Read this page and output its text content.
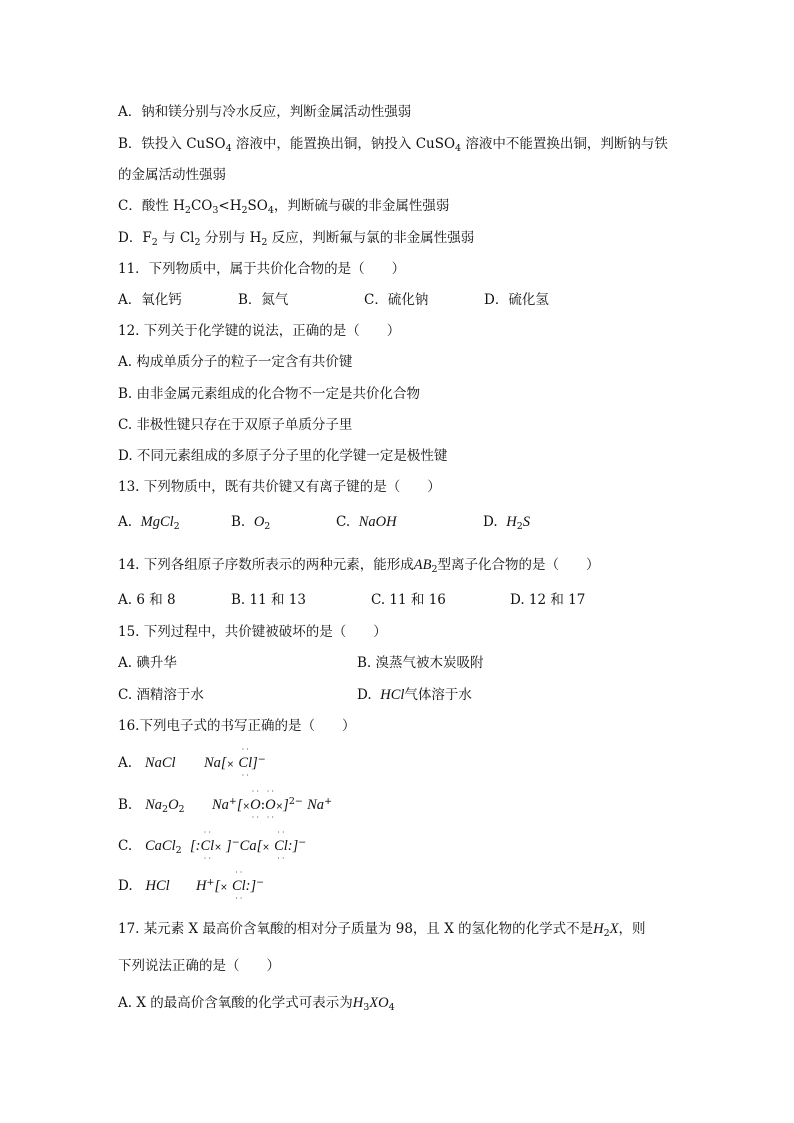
A．钠和镁分别与冷水反应，判断金属活动性强弱
B．铁投入 CuSO$_4$ 溶液中，能置换出铜，钠投入 CuSO$_4$ 溶液中不能置换出铜，判断钠与铁
的金属活动性强弱
C．酸性 $H_2CO_3<H_2SO_4$，判断硫与碳的非金属性强弱
D．$F_2$ 与 $Cl_2$ 分别与 $H_2$ 反应，判断氟与氯的非金属性强弱
11．下列物质中，属于共价化合物的是（　　）
A．氧化钙	B．氮气	C．硫化钠	D．硫化氢
12. 下列关于化学键的说法，正确的是（　　）
A. 构成单质分子的粒子一定含有共价键
B. 由非金属元素组成的化合物不一定是共价化合物
C. 非极性键只存在于双原子单质分子里
D. 不同元素组成的多原子分子里的化学键一定是极性键
13. 下列物质中，既有共价键又有离子键的是（　　）
A. MgCl$_2$	B. $O_2$	C. NaOH	D. $H_2S$
14. 下列各组原子序数所表示的两种元素，能形成$AB_2$型离子化合物的是（　　）
A. 6 和 8	B. 11 和 13	C. 11 和 16	D. 12 和 17
15. 下列过程中，共价键被破坏的是（　　）
A. 碘升华	B. 溴蒸气被木炭吸附
C. 酒精溶于水	D. HCl气体溶于水
16.下列电子式的书写正确的是（　　）
A. NaCl Na[× · · Cl · ·]−
B. $Na_2O_2$ Na+[×· · O · ·:· · O · ·×]$^{2-}$ Na+
C. CaCl$_2$ [:· · Cl · ·× ]−Ca[× · · Cl · ·:]−
D. HCl H+[× · · Cl · ·:]−
17. 某元素 X 最高价含氧酸的相对分子质量为 98，且 X 的氢化物的化学式不是$H_2X$，则
下列说法正确的是（　　）
A. X 的最高价含氧酸的化学式可表示为$H_3XO_4$
